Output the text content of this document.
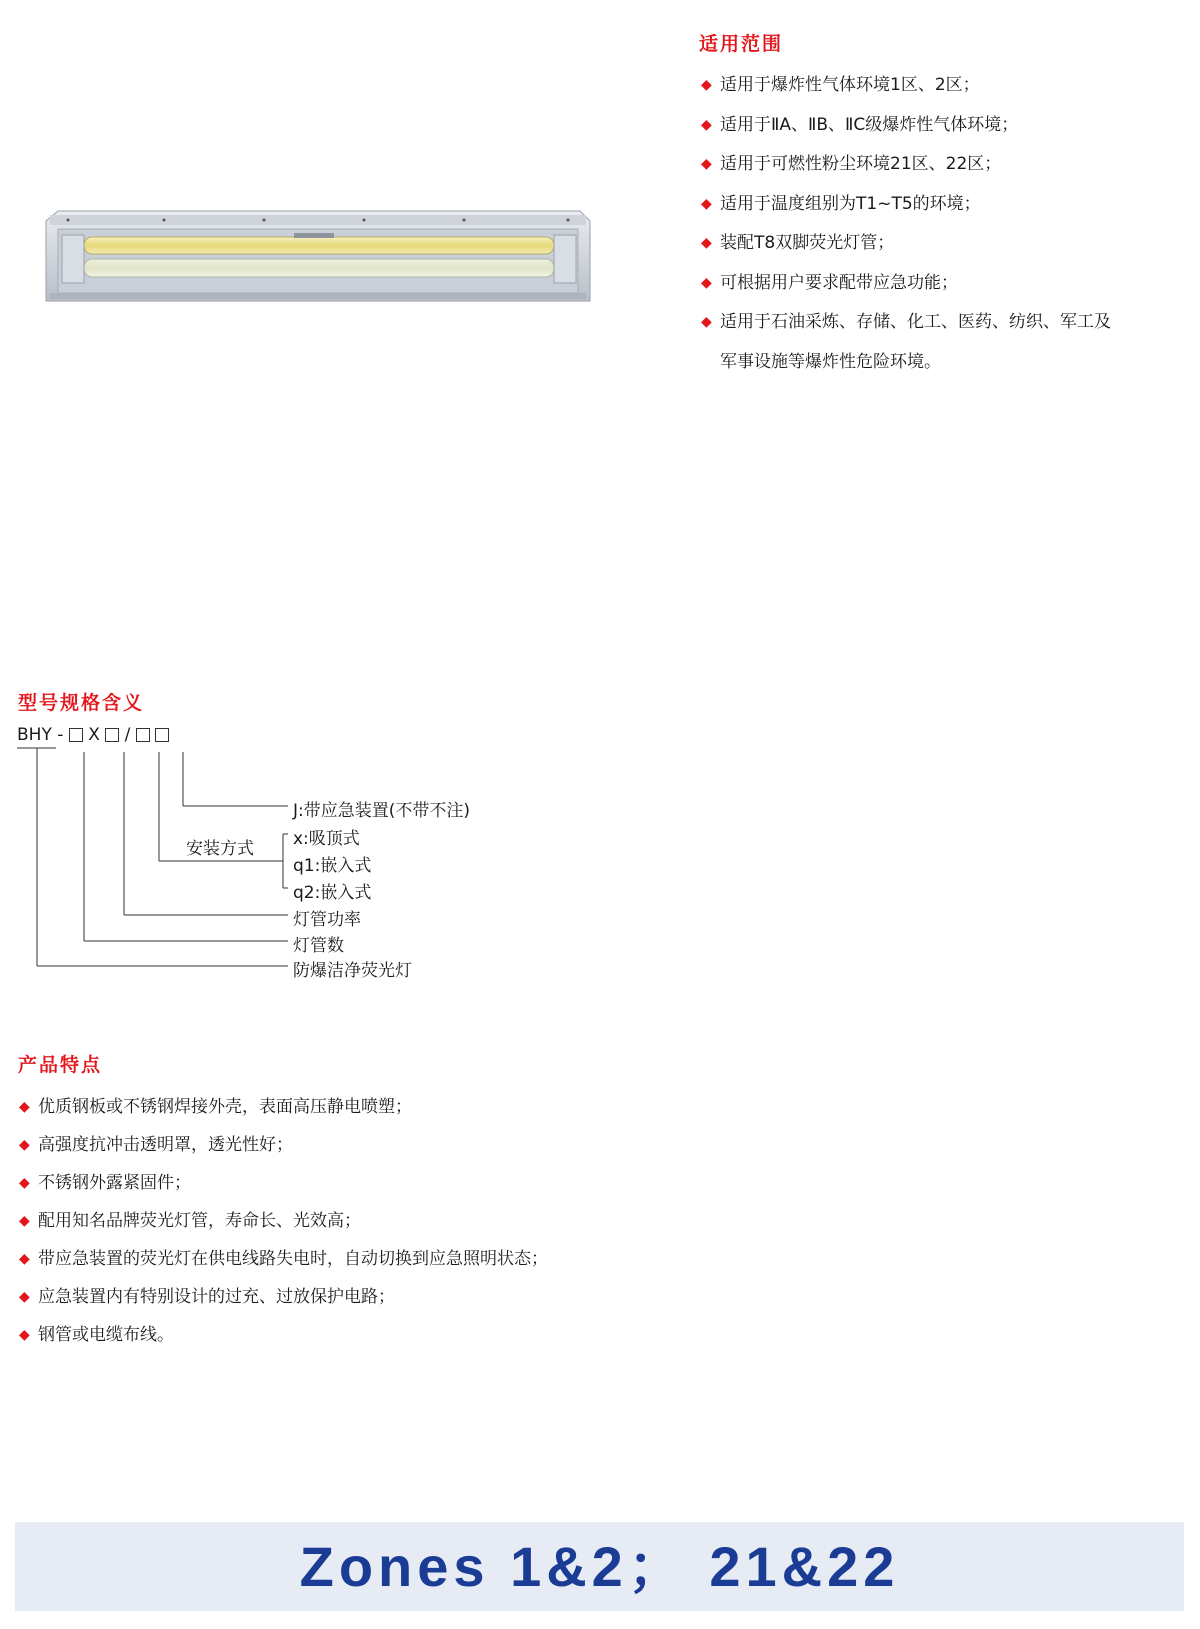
适用范围
◆ 适用于爆炸性气体环境1区、2区；
◆ 适用于ⅡA、ⅡB、ⅡC级爆炸性气体环境；
◆ 适用于可燃性粉尘环境21区、22区；
◆ 适用于温度组别为T1~T5的环境；
◆ 装配T8双脚荧光灯管；
◆ 可根据用户要求配带应急功能；
◆ 适用于石油采炼、存储、化工、医药、纺织、军工及
军事设施等爆炸性危险环境。
型号规格含义
BHY - X /
J:带应急装置(不带不注)
安装方式 x:吸顶式
q1:嵌入式
q2:嵌入式
灯管功率
灯管数
防爆洁净荧光灯
产品特点
◆ 优质钢板或不锈钢焊接外壳，表面高压静电喷塑；
◆ 高强度抗冲击透明罩，透光性好；
◆ 不锈钢外露紧固件；
◆ 配用知名品牌荧光灯管，寿命长、光效高；
◆ 带应急装置的荧光灯在供电线路失电时，自动切换到应急照明状态；
◆ 应急装置内有特别设计的过充、过放保护电路；
◆ 钢管或电缆布线。
Zones 1&2； 21&22
